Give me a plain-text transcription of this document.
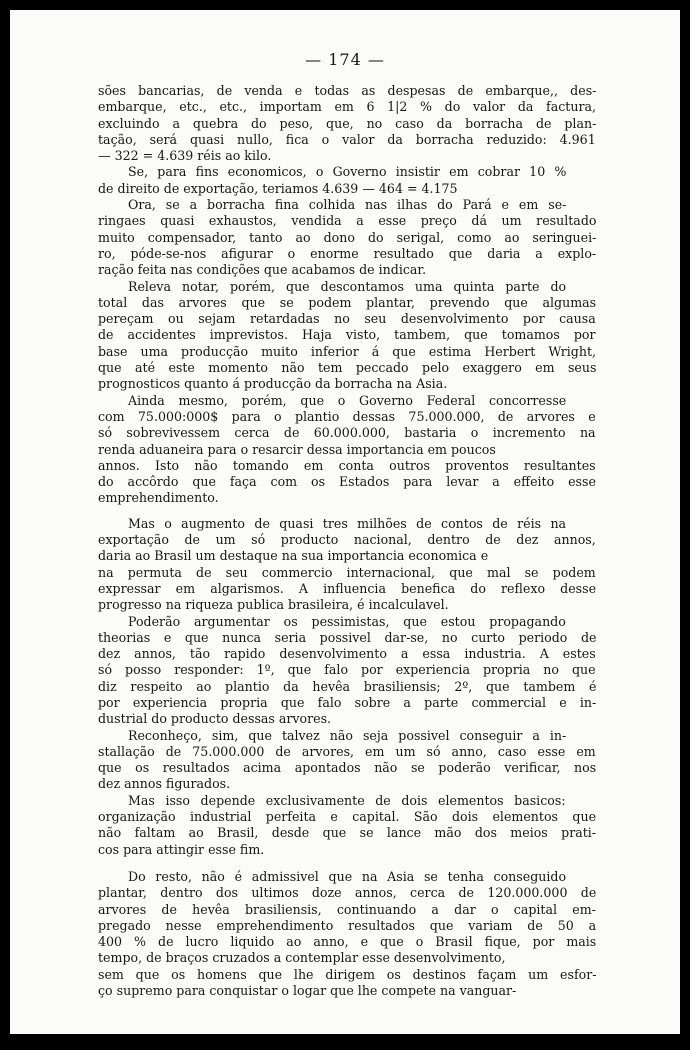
— 174 —
sões bancarias, de venda e todas as despesas de embarque,, des-
embarque, etc., etc., importam em 6 1|2 % do valor da factura,
excluindo a quebra do peso, que, no caso da borracha de plan-
tação, será quasi nullo, fica o valor da borracha reduzido: 4.961
— 322 = 4.639 réis ao kilo.
Se, para fins economicos, o Governo insistir em cobrar 10 %
de direito de exportação, teriamos 4.639 — 464 = 4.175
Ora, se a borracha fina colhida nas ilhas do Pará e em se-
ringaes quasi exhaustos, vendida a esse preço dá um resultado
muito compensador, tanto ao dono do serigal, como ao seringuei-
ro, póde-se-nos afigurar o enorme resultado que daria a explo-
ração feita nas condições que acabamos de indicar.
Releva notar, porém, que descontamos uma quinta parte do
total das arvores que se podem plantar, prevendo que algumas
pereçam ou sejam retardadas no seu desenvolvimento por causa
de accidentes imprevistos. Haja visto, tambem, que tomamos por
base uma producção muito inferior á que estima Herbert Wright,
que até este momento não tem peccado pelo exaggero em seus
prognosticos quanto á producção da borracha na Asia.
Ainda mesmo, porém, que o Governo Federal concorresse
com 75.000:000$ para o plantio dessas 75.000.000, de arvores e
só sobrevivessem cerca de 60.000.000, bastaria o incremento na
renda aduaneira para o resarcir dessa importancia em poucos
annos. Isto não tomando em conta outros proventos resultantes
do accôrdo que faça com os Estados para levar a effeito esse
emprehendimento.
Mas o augmento de quasi tres milhões de contos de réis na
exportação de um só producto nacional, dentro de dez annos,
daria ao Brasil um destaque na sua importancia economica e
na permuta de seu commercio internacional, que mal se podem
expressar em algarismos. A influencia benefica do reflexo desse
progresso na riqueza publica brasileira, é incalculavel.
Poderão argumentar os pessimistas, que estou propagando
theorias e que nunca seria possivel dar-se, no curto periodo de
dez annos, tão rapido desenvolvimento a essa industria. A estes
só posso responder: 1º, que falo por experiencia propria no que
diz respeito ao plantio da hevêa brasiliensis; 2º, que tambem é
por experiencia propria que falo sobre a parte commercial e in-
dustrial do producto dessas arvores.
Reconheço, sim, que talvez não seja possivel conseguir a in-
stallação de 75.000.000 de arvores, em um só anno, caso esse em
que os resultados acima apontados não se poderão verificar, nos
dez annos figurados.
Mas isso depende exclusivamente de dois elementos basicos:
organização industrial perfeita e capital. São dois elementos que
não faltam ao Brasil, desde que se lance mão dos meios prati-
cos para attingir esse fim.
Do resto, não é admissivel que na Asia se tenha conseguido
plantar, dentro dos ultimos doze annos, cerca de 120.000.000 de
arvores de hevêa brasiliensis, continuando a dar o capital em-
pregado nesse emprehendimento resultados que variam de 50 a
400 % de lucro liquido ao anno, e que o Brasil fique, por mais
tempo, de braços cruzados a contemplar esse desenvolvimento,
sem que os homens que lhe dirigem os destinos façam um esfor-
ço supremo para conquistar o logar que lhe compete na vanguar-
